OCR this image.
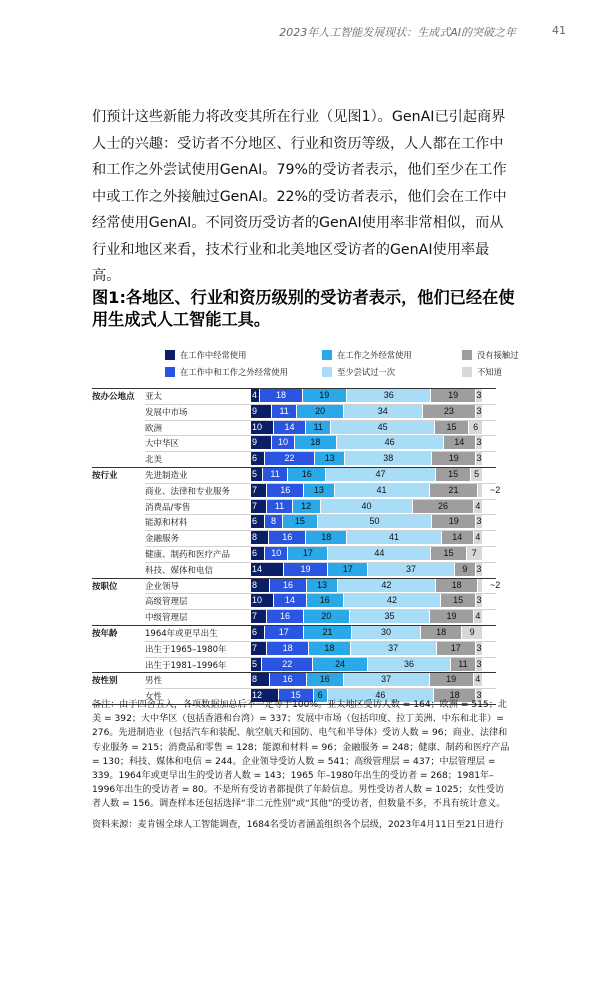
2023年人工智能发展现状：生成式AI的突破之年	41
们预计这些新能力将改变其所在行业（见图1）。GenAI已引起商界人士的兴趣：受访者不分地区、行业和资历等级，人人都在工作中和工作之外尝试使用GenAI。79%的受访者表示，他们至少在工作中或工作之外接触过GenAI。22%的受访者表示，他们会在工作中经常使用GenAI。不同资历受访者的GenAI使用率非常相似，而从行业和地区来看，技术行业和北美地区受访者的GenAI使用率最高。
图1:各地区、行业和资历级别的受访者表示，他们已经在使用生成式人工智能工具。
在工作中经常使用
在工作中和工作之外经常使用
在工作之外经常使用
至少尝试过一次
没有接触过
不知道
按办公地点 亚太	4	18	19	36	19	3
发展中市场	9	11	20	34	23	3
欧洲	10	14	11	45	15	6
大中华区	9	10	18	46	14	3
北美	6	22	13	38	19	3
按行业	先进制造业	5	11	16	47	15	5
商业、法律和专业服务 7	16	13	41	21	~2
消费品/零售	7	11	12	40	26	4
能源和材料	6	8	15	50	19	3
金融服务	8	16	18	41	14	4
健康、制药和医疗产品 6	10	17	44	15	7
科技、媒体和电信	14	19	17	37	9	3
按职位	企业领导	8	16	13	42	18	~2
高级管理层	10	14	16	42	15	3
中级管理层	7	16	20	35	19	4
按年龄	1964年或更早出生	6	17	21	30	18	9
出生于1965–1980年	7	18	18	37	17	3
出生于1981–1996年	5	22	24	36	11 3
按性别	男性	8	16	16	37	19	4
女性	12	15	6	46	18	3

备注：由于四舍五入，各项数据加总后不一定等于100%。亚太地区受访人数 = 164；欧洲 = 515；北美 = 392；大中华区（包括香港和台湾）= 337；发展中市场（包括印度、拉丁美洲、中东和北非）= 276。先进制造业（包括汽车和装配、航空航天和国防、电气和半导体）受访人数 = 96；商业、法律和专业服务 = 215；消费品和零售 = 128；能源和材料 = 96；金融服务 = 248；健康、制药和医疗产品 = 130；科技、媒体和电信 = 244。企业领导受访人数 = 541；高级管理层 = 437；中层管理层 = 339。1964年或更早出生的受访者人数 = 143；1965 年–1980年出生的受访者 = 268；1981年–1996年出生的受访者 = 80。不是所有受访者都提供了年龄信息。男性受访者人数 = 1025；女性受访者人数 = 156。调查样本还包括选择“非二元性别”或“其他”的受访者，但数量不多，不具有统计意义。

资料来源：麦肯锡全球人工智能调查，1684名受访者涵盖组织各个层级，2023年4月11日至21日进行
